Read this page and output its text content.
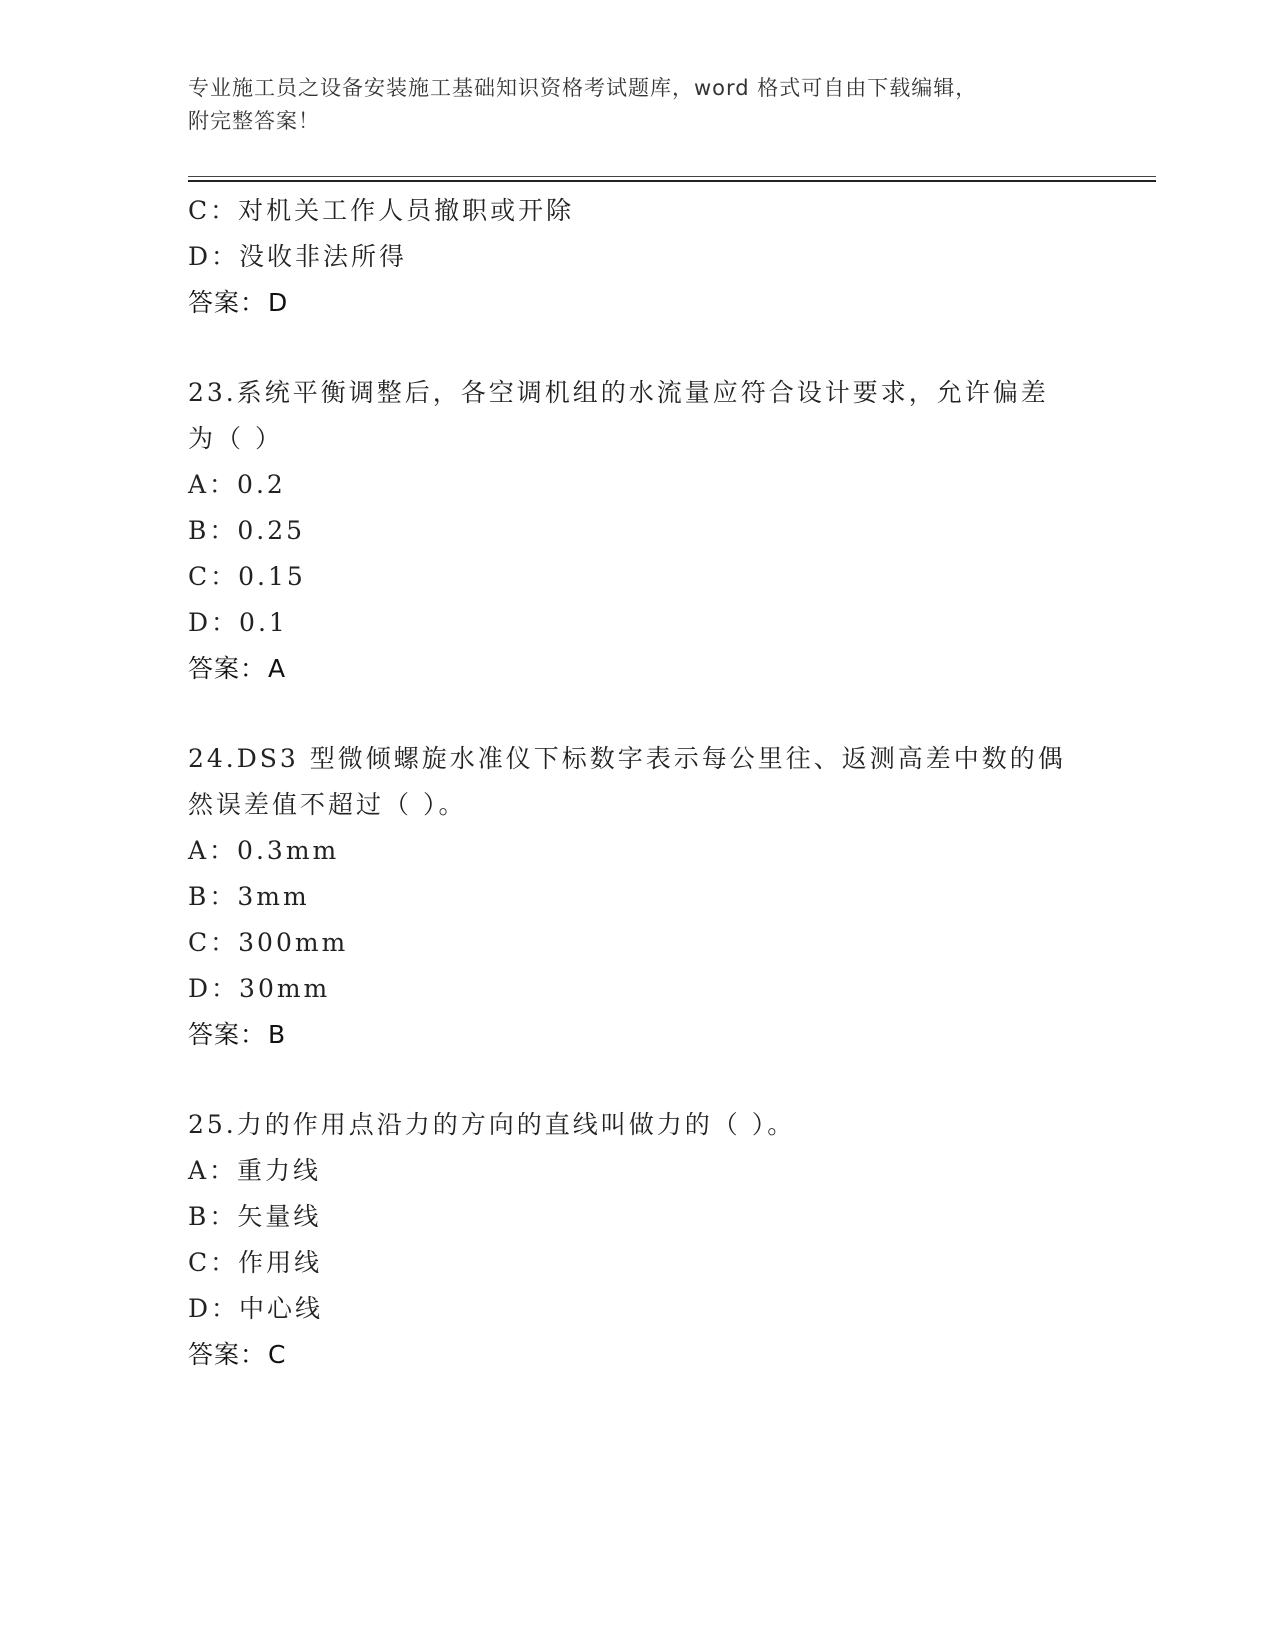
专业施工员之设备安装施工基础知识资格考试题库，word 格式可自由下载编辑，
附完整答案！
C：对机关工作人员撤职或开除
D：没收非法所得
答案：D
23.系统平衡调整后，各空调机组的水流量应符合设计要求，允许偏差
为（ ）
A：0.2
B：0.25
C：0.15
D：0.1
答案：A
24.DS3 型微倾螺旋水准仪下标数字表示每公里往、返测高差中数的偶
然误差值不超过（ ）。
A：0.3mm
B：3mm
C：300mm
D：30mm
答案：B
25.力的作用点沿力的方向的直线叫做力的（ ）。
A：重力线
B：矢量线
C：作用线
D：中心线
答案：C
